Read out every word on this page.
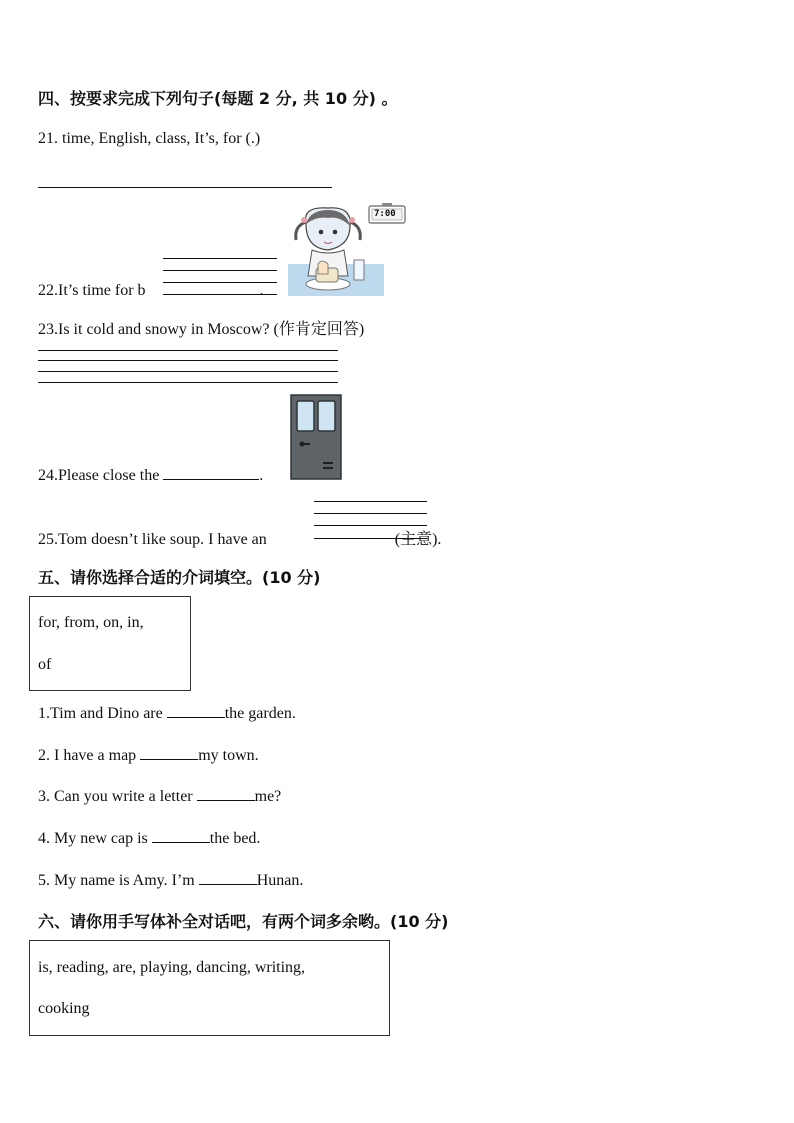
四、按要求完成下列句子(每题 2 分, 共 10 分) 。
21. time, English, class, It’s, for (.)
22.It’s time for b	.
7:00
23.Is it cold and snowy in Moscow? (作肯定回答)
24.Please close the	.
25.Tom doesn’t like soup. I have an	(主意).
五、请你选择合适的介词填空。(10 分)
for, from, on, in,
of
1.Tim and Dino are	the garden.
2. I have a map	my town.
3. Can you write a letter	me?
4. My new cap is	the bed.
5. My name is Amy. I’m	Hunan.
六、请你用手写体补全对话吧，有两个词多余哟。(10 分)
is, reading, are, playing, dancing, writing,
cooking
